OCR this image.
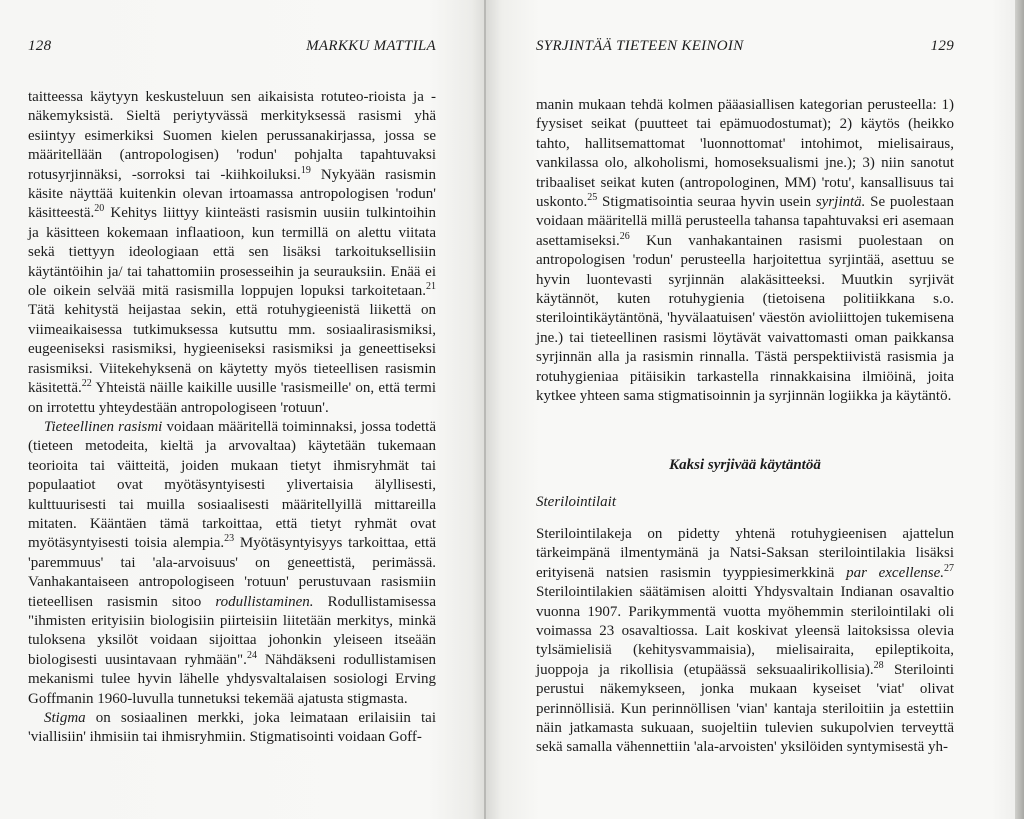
128	MARKKU MATTILA

taitteessa käytyyn keskusteluun sen aikaisista rotuteo-rioista ja -näkemyksistä. Sieltä periytyvässä merkityksessä rasismi yhä esiintyy esimerkiksi Suomen kielen perussanakirjassa, jossa se määritellään (antropologisen) 'rodun' pohjalta tapahtuvaksi rotusyrjinnäksi, -sorroksi tai -kiihkoiluksi.$^{19}$ Nykyään rasismin käsite näyttää kuitenkin olevan irtoamassa antropologisen 'rodun' käsitteestä.$^{20}$ Kehitys liittyy kiinteästi rasismin uusiin tulkintoihin ja käsitteen kokemaan inflaatioon, kun termillä on alettu viitata sekä tiettyyn ideologiaan että sen lisäksi tarkoituksellisiin käytäntöihin ja/ tai tahattomiin prosesseihin ja seurauksiin. Enää ei ole oikein selvää mitä rasismilla loppujen lopuksi tarkoitetaan.$^{21}$ Tätä kehitystä heijastaa sekin, että rotuhygieenistä liikettä on viimeaikaisessa tutkimuksessa kutsuttu mm. sosiaalirasismiksi, eugeeniseksi rasismiksi, hygieeniseksi rasismiksi ja geneettiseksi rasismiksi. Viitekehyksenä on käytetty myös tieteellisen rasismin käsitettä.$^{22}$ Yhteistä näille kaikille uusille 'rasismeille' on, että termi on irrotettu yhteydestään antropologiseen 'rotuun'.

Tieteellinen rasismi voidaan määritellä toiminnaksi, jossa todettä (tieteen metodeita, kieltä ja arvovaltaa) käytetään tukemaan teorioita tai väitteitä, joiden mukaan tietyt ihmisryhmät tai populaatiot ovat myötäsyntyisesti ylivertaisia älyllisesti, kulttuurisesti tai muilla sosiaalisesti määritellyillä mittareilla mitaten. Kääntäen tämä tarkoittaa, että tietyt ryhmät ovat myötäsyntyisesti toisia alempia.$^{23}$ Myötäsyntyisyys tarkoittaa, että 'paremmuus' tai 'ala-arvoisuus' on geneettistä, perimässä. Vanhakantaiseen antropologiseen 'rotuun' perustuvaan rasismiin tieteellisen rasismin sitoo rodullistaminen. Rodullistamisessa "ihmisten erityisiin biologisiin piirteisiin liitetään merkitys, minkä tuloksena yksilöt voidaan sijoittaa johonkin yleiseen itseään biologisesti uusintavaan ryhmään".$^{24}$ Nähdäkseni rodullistamisen mekanismi tulee hyvin lähelle yhdysvaltalaisen sosiologi Erving Goffmanin 1960-luvulla tunnetuksi tekemää ajatusta stigmasta.

Stigma on sosiaalinen merkki, joka leimataan erilaisiin tai 'viallisiin' ihmisiin tai ihmisryhmiin. Stigmatisointi voidaan Goff-

SYRJINTÄÄ TIETEEN KEINOIN	129

manin mukaan tehdä kolmen pääasiallisen kategorian perusteella: 1) fyysiset seikat (puutteet tai epämuodostumat); 2) käytös (heikko tahto, hallitsemattomat 'luonnottomat' intohimot, mielisairaus, vankilassa olo, alkoholismi, homoseksualismi jne.); 3) niin sanotut tribaaliset seikat kuten (antropologinen, MM) 'rotu', kansallisuus tai uskonto.$^{25}$ Stigmatisointia seuraa hyvin usein syrjintä. Se puolestaan voidaan määritellä millä perusteella tahansa tapahtuvaksi eri asemaan asettamiseksi.$^{26}$ Kun vanhakantainen rasismi puolestaan on antropologisen 'rodun' perusteella harjoitettua syrjintää, asettuu se hyvin luontevasti syrjinnän alakäsitteeksi. Muutkin syrjivät käytännöt, kuten rotuhygienia (tietoisena politiikkana s.o. sterilointikäytäntönä, 'hyvälaatuisen' väestön avioliittojen tukemisena jne.) tai tieteellinen rasismi löytävät vaivattomasti oman paikkansa syrjinnän alla ja rasismin rinnalla. Tästä perspektiivistä rasismia ja rotuhygieniaa pitäisikin tarkastella rinnakkaisina ilmiöinä, joita kytkee yhteen sama stigmatisoinnin ja syrjinnän logiikka ja käytäntö.

Kaksi syrjivää käytäntöä
Sterilointilait

Sterilointilakeja on pidetty yhtenä rotuhygieenisen ajattelun tärkeimpänä ilmentymänä ja Natsi-Saksan sterilointilakia lisäksi erityisenä natsien rasismin tyyppiesimerkkinä par excellense.$^{27}$ Sterilointilakien säätämisen aloitti Yhdysvaltain Indianan osavaltio vuonna 1907. Parikymmentä vuotta myöhemmin sterilointilaki oli voimassa 23 osavaltiossa. Lait koskivat yleensä laitoksissa olevia tylsämielisiä (kehitysvammaisia), mielisairaita, epileptikoita, juoppoja ja rikollisia (etupäässä seksuaalirikollisia).$^{28}$ Sterilointi perustui näkemykseen, jonka mukaan kyseiset 'viat' olivat perinnöllisiä. Kun perinnöllisen 'vian' kantaja steriloitiin ja estettiin näin jatkamasta sukuaan, suojeltiin tulevien sukupolvien terveyttä sekä samalla vähennettiin 'ala-arvoisten' yksilöiden syntymisestä yh-
